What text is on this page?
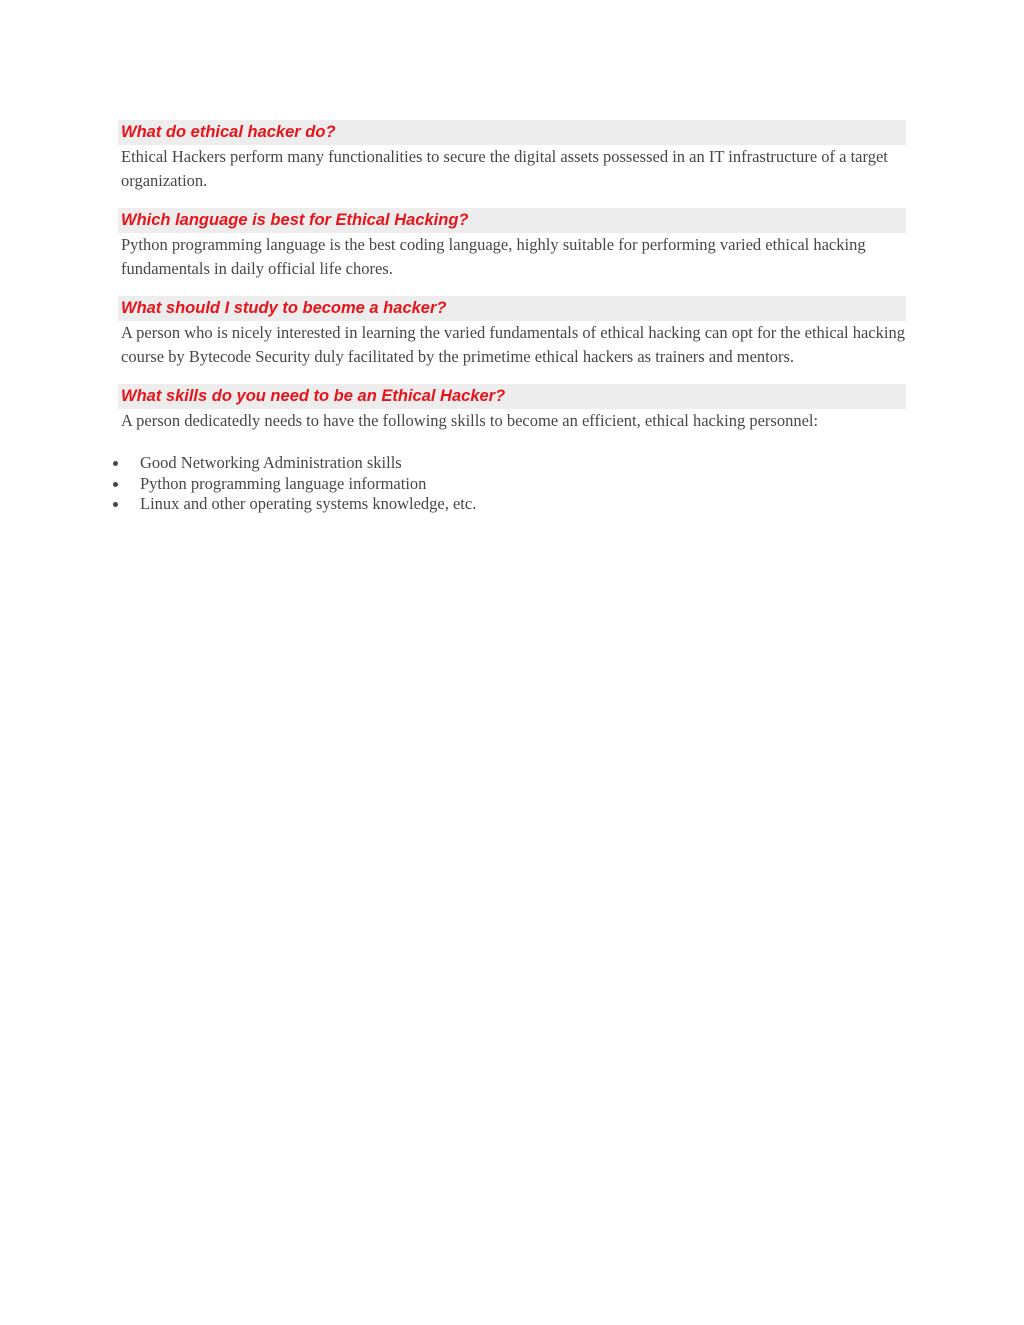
What do ethical hacker do?

Ethical Hackers perform many functionalities to secure the digital assets possessed in an IT infrastructure of a target organization.

Which language is best for Ethical Hacking?

Python programming language is the best coding language, highly suitable for performing varied ethical hacking fundamentals in daily official life chores.

What should I study to become a hacker?

A person who is nicely interested in learning the varied fundamentals of ethical hacking can opt for the ethical hacking course by Bytecode Security duly facilitated by the primetime ethical hackers as trainers and mentors.

What skills do you need to be an Ethical Hacker?

A person dedicatedly needs to have the following skills to become an efficient, ethical hacking personnel:

Good Networking Administration skills
Python programming language information
Linux and other operating systems knowledge, etc.
